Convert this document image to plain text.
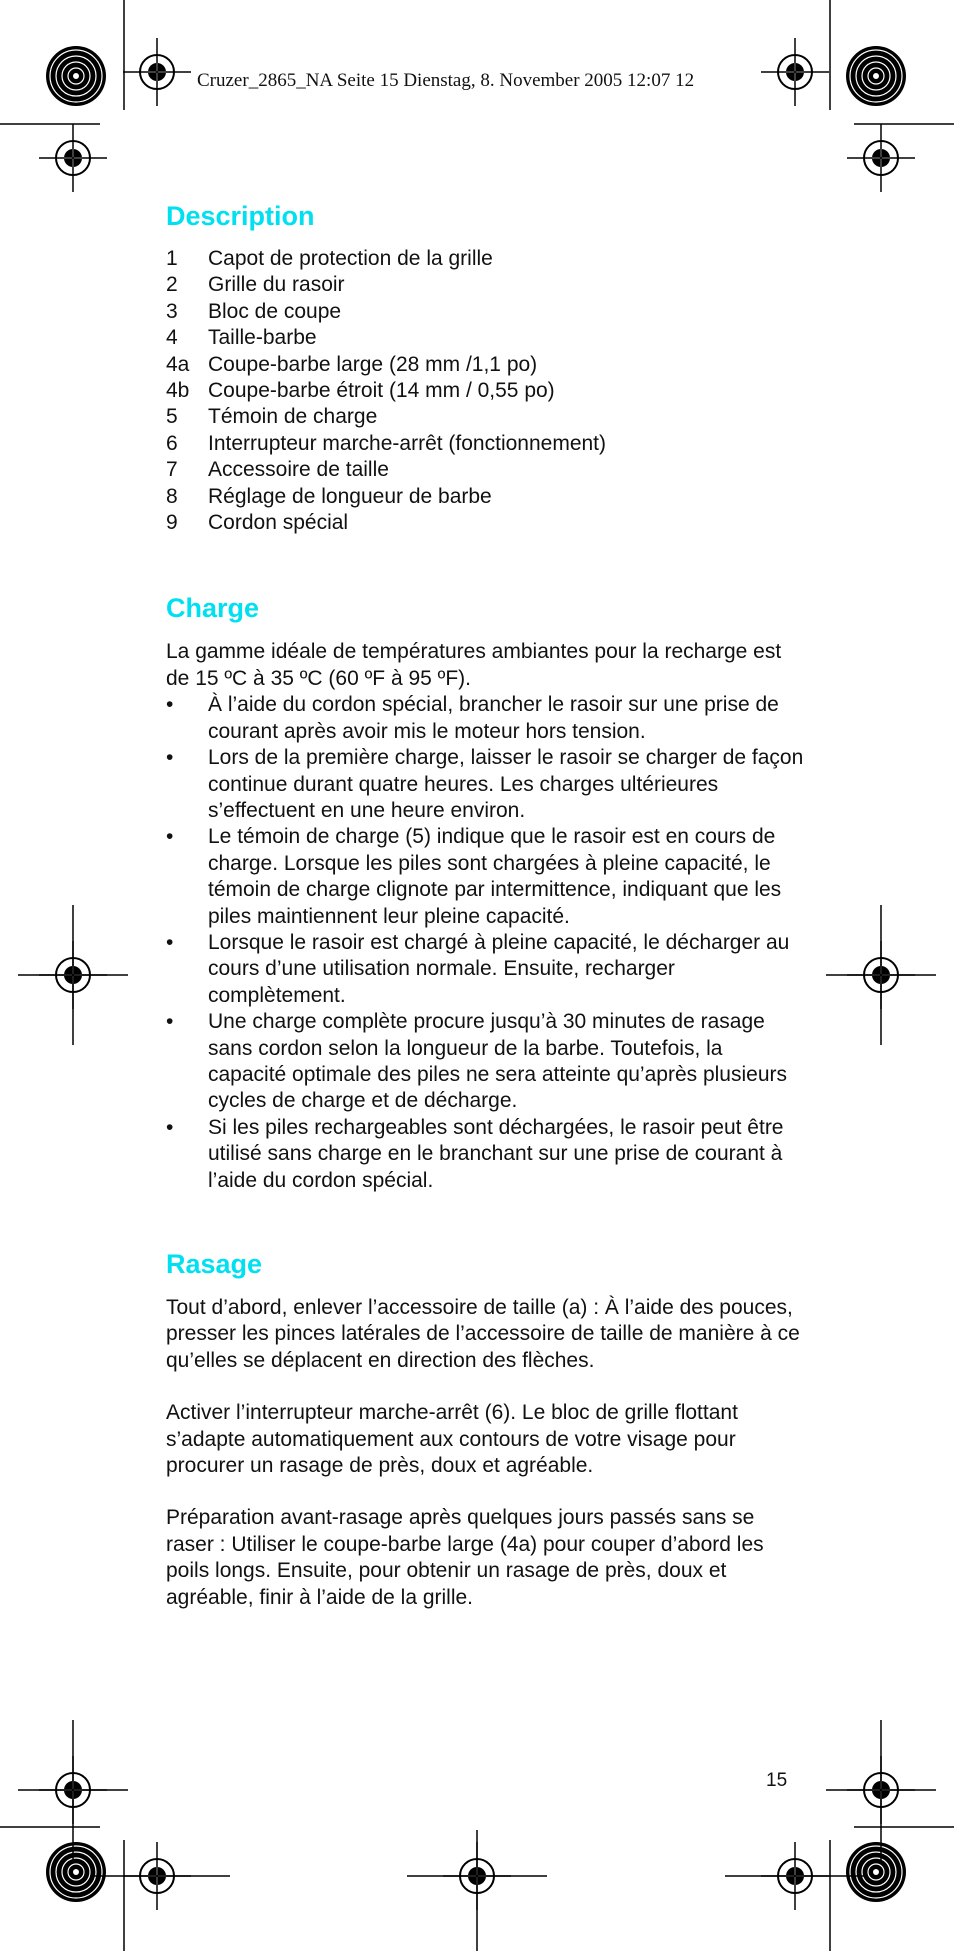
Cruzer_2865_NA Seite 15 Dienstag, 8. November 2005 12:07 12
Description
1	Capot de protection de la grille
2	Grille du rasoir
3	Bloc de coupe
4	Taille-barbe
4a Coupe-barbe large (28 mm /1,1 po)
4b Coupe-barbe étroit (14 mm / 0,55 po)
5	Témoin de charge
6	Interrupteur marche-arrêt (fonctionnement)
7	Accessoire de taille
8	Réglage de longueur de barbe
9	Cordon spécial
Charge

La gamme idéale de températures ambiantes pour la recharge est de 15 ºC à 35 ºC (60 ºF à 95 ºF).

•	À l’aide du cordon spécial, brancher le rasoir sur une prise de courant après avoir mis le moteur hors tension.
•	Lors de la première charge, laisser le rasoir se charger de façon continue durant quatre heures. Les charges ultérieures s’effectuent en une heure environ.
•	Le témoin de charge (5) indique que le rasoir est en cours de charge. Lorsque les piles sont chargées à pleine capacité, le témoin de charge clignote par intermittence, indiquant que les piles maintiennent leur pleine capacité.
•	Lorsque le rasoir est chargé à pleine capacité, le décharger au cours d’une utilisation normale. Ensuite, recharger complètement.
•	Une charge complète procure jusqu’à 30 minutes de rasage sans cordon selon la longueur de la barbe. Toutefois, la capacité optimale des piles ne sera atteinte qu’après plusieurs cycles de charge et de décharge.
•	Si les piles rechargeables sont déchargées, le rasoir peut être utilisé sans charge en le branchant sur une prise de courant à l’aide du cordon spécial.
Rasage

Tout d’abord, enlever l’accessoire de taille (a) : À l’aide des pouces, presser les pinces latérales de l’accessoire de taille de manière à ce qu’elles se déplacent en direction des flèches.

Activer l’interrupteur marche-arrêt (6). Le bloc de grille flottant s’adapte automatiquement aux contours de votre visage pour procurer un rasage de près, doux et agréable.

Préparation avant-rasage après quelques jours passés sans se raser : Utiliser le coupe-barbe large (4a) pour couper d’abord les poils longs. Ensuite, pour obtenir un rasage de près, doux et agréable, finir à l’aide de la grille.

15
